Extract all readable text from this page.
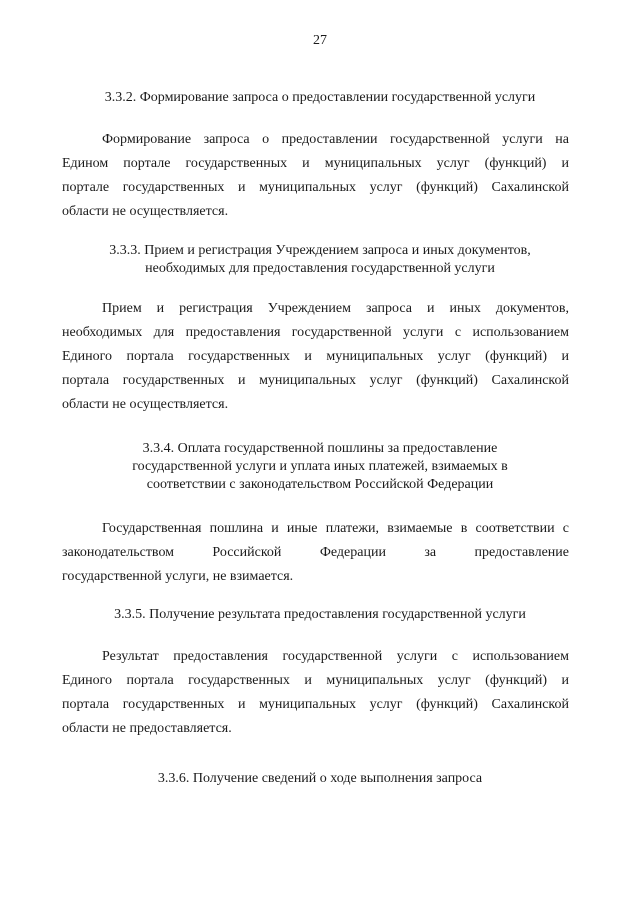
27
3.3.2. Формирование запроса о предоставлении государственной услуги
Формирование запроса о предоставлении государственной услуги на
Едином портале государственных и муниципальных услуг (функций) и
портале государственных и муниципальных услуг (функций) Сахалинской
области не осуществляется.
3.3.3. Прием и регистрация Учреждением запроса и иных документов,
необходимых для предоставления государственной услуги
Прием и регистрация Учреждением запроса и иных документов,
необходимых для предоставления государственной услуги с использованием
Единого портала государственных и муниципальных услуг (функций) и
портала государственных и муниципальных услуг (функций) Сахалинской
области не осуществляется.
3.3.4. Оплата государственной пошлины за предоставление
государственной услуги и уплата иных платежей, взимаемых в
соответствии с законодательством Российской Федерации
Государственная пошлина и иные платежи, взимаемые в соответствии с
законодательством Российской Федерации за предоставление
государственной услуги, не взимается.
3.3.5. Получение результата предоставления государственной услуги
Результат предоставления государственной услуги с использованием
Единого портала государственных и муниципальных услуг (функций) и
портала государственных и муниципальных услуг (функций) Сахалинской
области не предоставляется.
3.3.6. Получение сведений о ходе выполнения запроса
